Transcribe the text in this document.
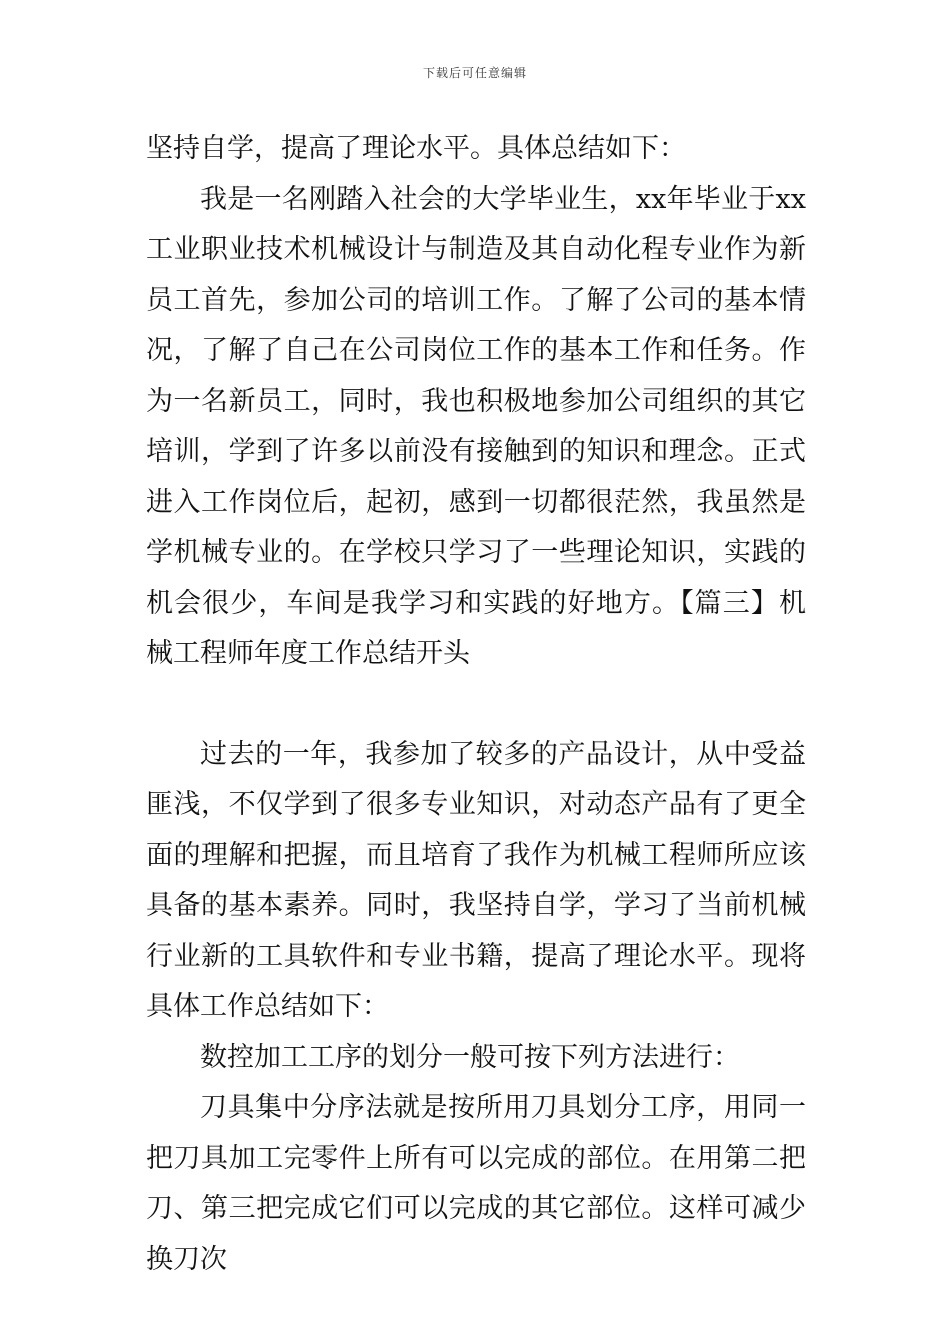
下载后可任意编辑

坚持自学，提高了理论水平。具体总结如下：

我是一名刚踏入社会的大学毕业生，xx年毕业于xx工业职业技术机械设计与制造及其自动化程专业作为新员工首先，参加公司的培训工作。了解了公司的基本情况，了解了自己在公司岗位工作的基本工作和任务。作为一名新员工，同时，我也积极地参加公司组织的其它培训，学到了许多以前没有接触到的知识和理念。正式进入工作岗位后，起初，感到一切都很茫然，我虽然是学机械专业的。在学校只学习了一些理论知识，实践的机会很少，车间是我学习和实践的好地方。【篇三】机械工程师年度工作总结开头

过去的一年，我参加了较多的产品设计，从中受益匪浅，不仅学到了很多专业知识，对动态产品有了更全面的理解和把握，而且培育了我作为机械工程师所应该具备的基本素养。同时，我坚持自学，学习了当前机械行业新的工具软件和专业书籍，提高了理论水平。现将具体工作总结如下：

数控加工工序的划分一般可按下列方法进行：

刀具集中分序法就是按所用刀具划分工序，用同一把刀具加工完零件上所有可以完成的部位。在用第二把刀、第三把完成它们可以完成的其它部位。这样可减少换刀次
